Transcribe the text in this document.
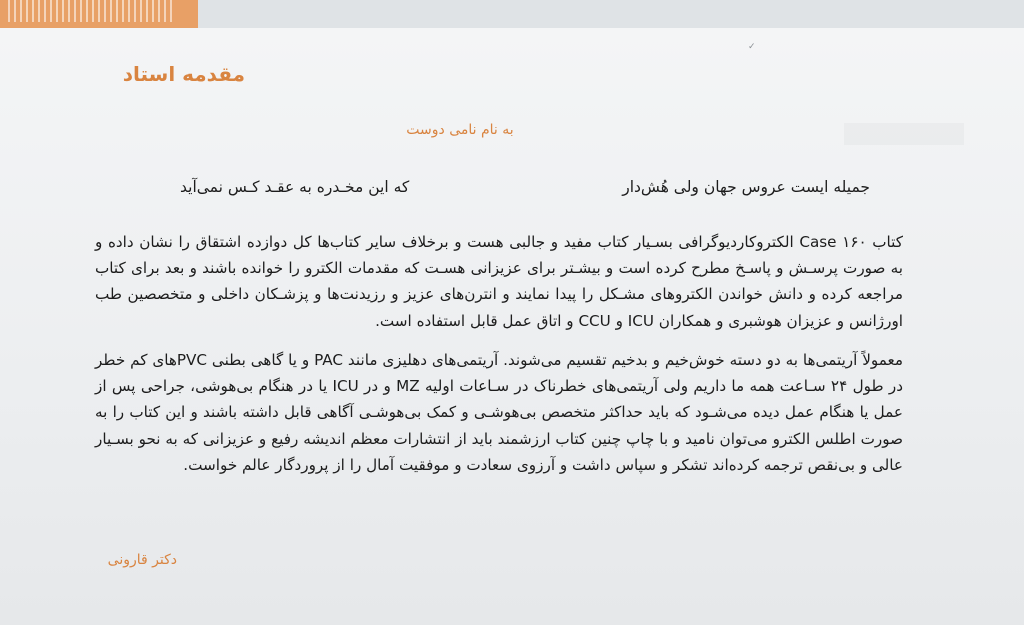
✓
مقدمه استاد
به نام نامی دوست
جمیله ایست عروس جهان ولی هُش‌دار
که این مخـدره به عقـد کـس نمی‌آید
کتاب ۱۶۰ Case الکتروکاردیوگرافی بسـیار کتاب مفید و جالبی هست و برخلاف سایر کتاب‌ها کل دوازده اشتقاق را نشان داده و به صورت پرسـش و پاسـخ مطرح کرده است و بیشـتر برای عزیزانی هسـت که مقدمات الکترو را خوانده باشند و بعد برای کتاب مراجعه کرده و دانش خواندن الکتروهای مشـکل را پیدا نمایند و انترن‌های عزیز و رزیدنت‌ها و پزشـکان داخلی و متخصصین طب اورژانس و عزیزان هوشبری و همکاران ICU و CCU و اتاق عمل قابل استفاده است.
معمولاً آریتمی‌ها به دو دسته خوش‌خیم و بدخیم تقسیم می‌شوند. آریتمی‌های دهلیزی مانند PAC و یا گاهی بطنی PVCهای کم خطر در طول ۲۴ سـاعت همه ما داریم ولی آریتمی‌های خطرناک در سـاعات اولیه MZ و در ICU یا در هنگام بی‌هوشی، جراحی پس از عمل یا هنگام عمل دیده می‌شـود که باید حداکثر متخصص بی‌هوشـی و کمک بی‌هوشـی آگاهی قابل داشته باشند و این کتاب را به صورت اطلس الکترو می‌توان نامید و با چاپ چنین کتاب ارزشمند باید از انتشارات معظم اندیشه رفیع و عزیزانی که به نحو بسـیار عالی و بی‌نقص ترجمه کرده‌اند تشکر و سپاس داشت و آرزوی سعادت و موفقیت آمال را از پروردگار عالم خواست.
دکتر قارونی
